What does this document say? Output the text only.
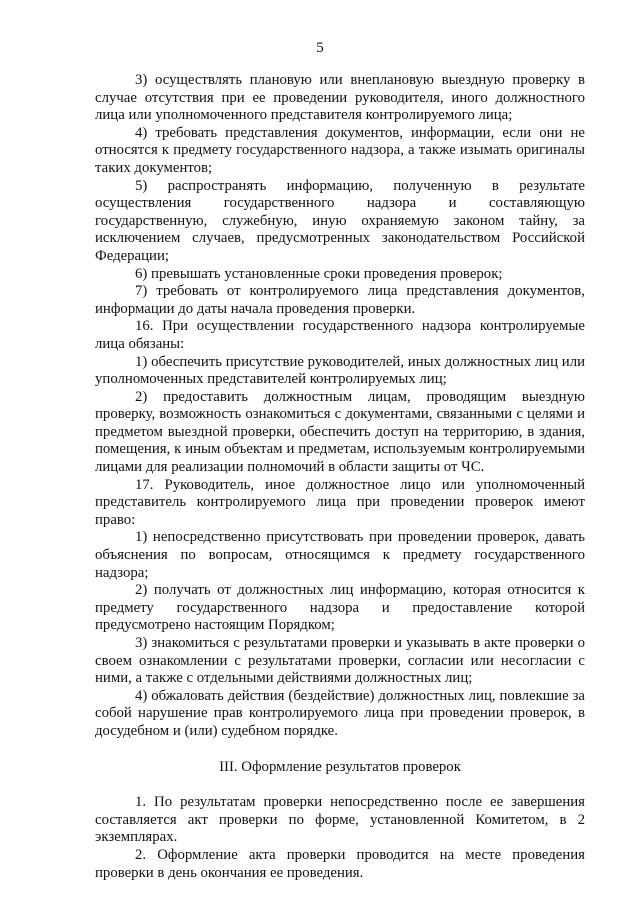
5

3) осуществлять плановую или внеплановую выездную проверку в случае отсутствия при ее проведении руководителя, иного должностного лица или уполномоченного представителя контролируемого лица;

4) требовать представления документов, информации, если они не относятся к предмету государственного надзора, а также изымать оригиналы таких документов;

5) распространять информацию, полученную в результате осуществления государственного надзора и составляющую государственную, служебную, иную охраняемую законом тайну, за исключением случаев, предусмотренных законодательством Российской Федерации;

6) превышать установленные сроки проведения проверок;

7) требовать от контролируемого лица представления документов, информации до даты начала проведения проверки.

16. При осуществлении государственного надзора контролируемые лица обязаны:

1) обеспечить присутствие руководителей, иных должностных лиц или уполномоченных представителей контролируемых лиц;

2) предоставить должностным лицам, проводящим выездную проверку, возможность ознакомиться с документами, связанными с целями и предметом выездной проверки, обеспечить доступ на территорию, в здания, помещения, к иным объектам и предметам, используемым контролируемыми лицами для реализации полномочий в области защиты от ЧС.

17. Руководитель, иное должностное лицо или уполномоченный представитель контролируемого лица при проведении проверок имеют право:

1) непосредственно присутствовать при проведении проверок, давать объяснения по вопросам, относящимся к предмету государственного надзора;

2) получать от должностных лиц информацию, которая относится к предмету государственного надзора и предоставление которой предусмотрено настоящим Порядком;

3) знакомиться с результатами проверки и указывать в акте проверки о своем ознакомлении с результатами проверки, согласии или несогласии с ними, а также с отдельными действиями должностных лиц;

4) обжаловать действия (бездействие) должностных лиц, повлекшие за собой нарушение прав контролируемого лица при проведении проверок, в досудебном и (или) судебном порядке.

III. Оформление результатов проверок

1. По результатам проверки непосредственно после ее завершения составляется акт проверки по форме, установленной Комитетом, в 2 экземплярах.

2. Оформление акта проверки проводится на месте проведения проверки в день окончания ее проведения.
